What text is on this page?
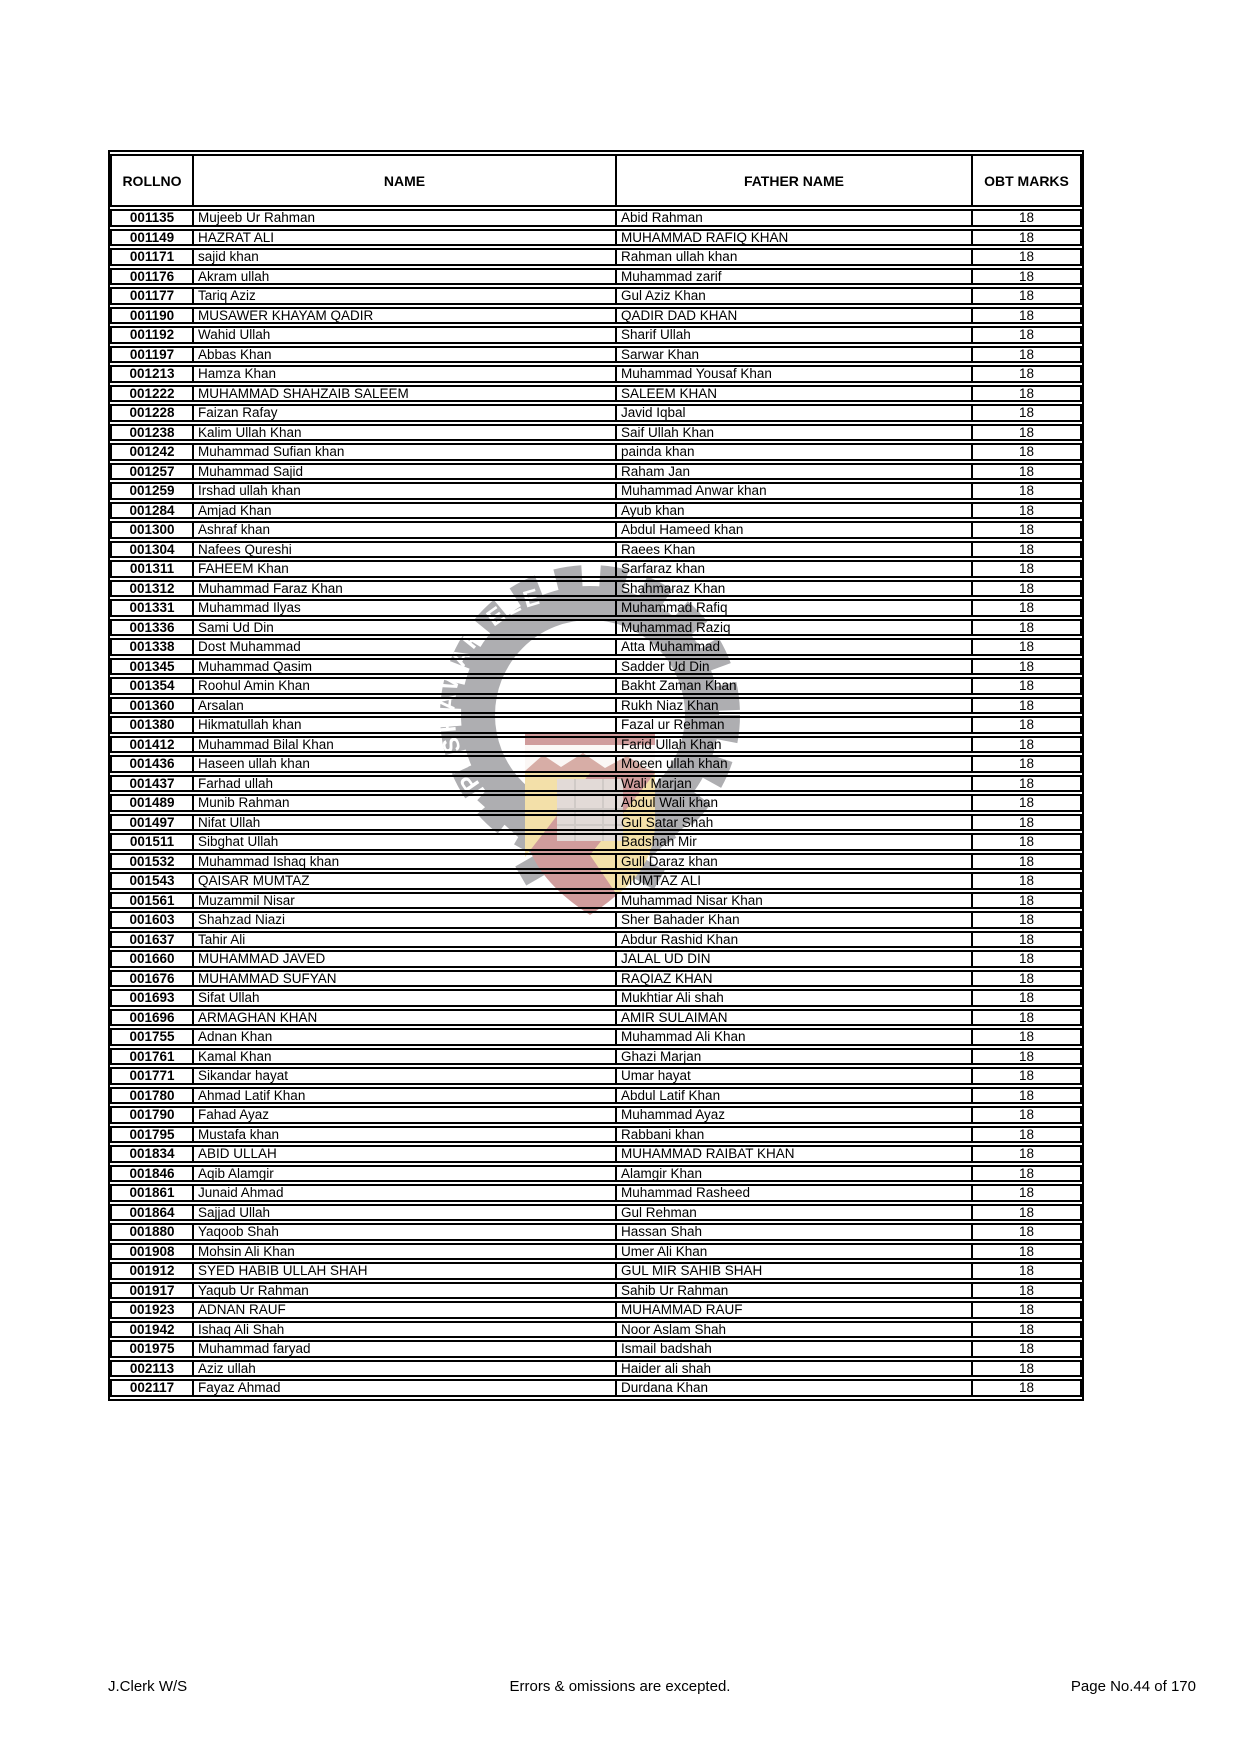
ROLLNO	NAME	FATHER NAME	OBT MARKS
001135	Mujeeb Ur Rahman	Abid Rahman	18
001149	HAZRAT ALI	MUHAMMAD RAFIQ KHAN	18
001171	sajid khan	Rahman ullah khan	18
001176	Akram ullah	Muhammad zarif	18
001177	Tariq Aziz	Gul Aziz Khan	18
001190	MUSAWER KHAYAM QADIR	QADIR DAD KHAN	18
001192	Wahid Ullah	Sharif Ullah	18
001197	Abbas Khan	Sarwar Khan	18
001213	Hamza Khan	Muhammad Yousaf Khan	18
001222	MUHAMMAD SHAHZAIB SALEEM	SALEEM KHAN	18
001228	Faizan Rafay	Javid Iqbal	18
001238	Kalim Ullah Khan	Saif Ullah Khan	18
001242	Muhammad Sufian khan	painda khan	18
001257	Muhammad Sajid	Raham Jan	18
001259	Irshad ullah khan	Muhammad Anwar khan	18
001284	Amjad Khan	Ayub khan	18
001300	Ashraf khan	Abdul Hameed khan	18
001304	Nafees Qureshi	Raees Khan	18
001311	FAHEEM Khan	Sarfaraz khan	18
001312	Muhammad Faraz Khan	Shahmaraz Khan	18
001331	Muhammad Ilyas	Muhammad Rafiq	18
001336	Sami Ud Din	Muhammad Raziq	18
001338	Dost Muhammad	Atta Muhammad	18
001345	Muhammad Qasim	Sadder Ud Din	18
001354	Roohul Amin Khan	Bakht Zaman Khan	18
001360	Arsalan	Rukh Niaz Khan	18
001380	Hikmatullah khan	Fazal ur Rehman	18
001412	Muhammad Bilal Khan	Farid Ullah Khan	18
001436	Haseen ullah khan	Moeen ullah khan	18
001437	Farhad ullah	Wali Marjan	18
001489	Munib Rahman	Abdul Wali khan	18
001497	Nifat Ullah	Gul Satar Shah	18
001511	Sibghat Ullah	Badshah Mir	18
001532	Muhammad Ishaq khan	Gull Daraz khan	18
001543	QAISAR MUMTAZ	MUMTAZ ALI	18
001561	Muzammil Nisar	Muhammad Nisar Khan	18
001603	Shahzad Niazi	Sher Bahader Khan	18
001637	Tahir Ali	Abdur Rashid Khan	18
001660	MUHAMMAD JAVED	JALAL UD DIN	18
001676	MUHAMMAD SUFYAN	RAQIAZ KHAN	18
001693	Sifat Ullah	Mukhtiar Ali shah	18
001696	ARMAGHAN KHAN	AMIR SULAIMAN	18
001755	Adnan Khan	Muhammad Ali Khan	18
001761	Kamal Khan	Ghazi Marjan	18
001771	Sikandar hayat	Umar hayat	18
001780	Ahmad Latif Khan	Abdul Latif Khan	18
001790	Fahad Ayaz	Muhammad Ayaz	18
001795	Mustafa khan	Rabbani khan	18
001834	ABID ULLAH	MUHAMMAD RAIBAT KHAN	18
001846	Aqib Alamgir	Alamgir Khan	18
001861	Junaid Ahmad	Muhammad Rasheed	18
001864	Sajjad Ullah	Gul Rehman	18
001880	Yaqoob Shah	Hassan Shah	18
001908	Mohsin Ali Khan	Umer Ali Khan	18
001912	SYED HABIB ULLAH SHAH	GUL MIR SAHIB SHAH	18
001917	Yaqub Ur Rahman	Sahib Ur Rahman	18
001923	ADNAN RAUF	MUHAMMAD RAUF	18
001942	Ishaq Ali Shah	Noor Aslam Shah	18
001975	Muhammad faryad	Ismail badshah	18
002113	Aziz ullah	Haider ali shah	18
002117	Fayaz Ahmad	Durdana Khan	18
PESHAWAR ELE
J.Clerk W/S	Errors & omissions are excepted.	Page No.44 of 170
